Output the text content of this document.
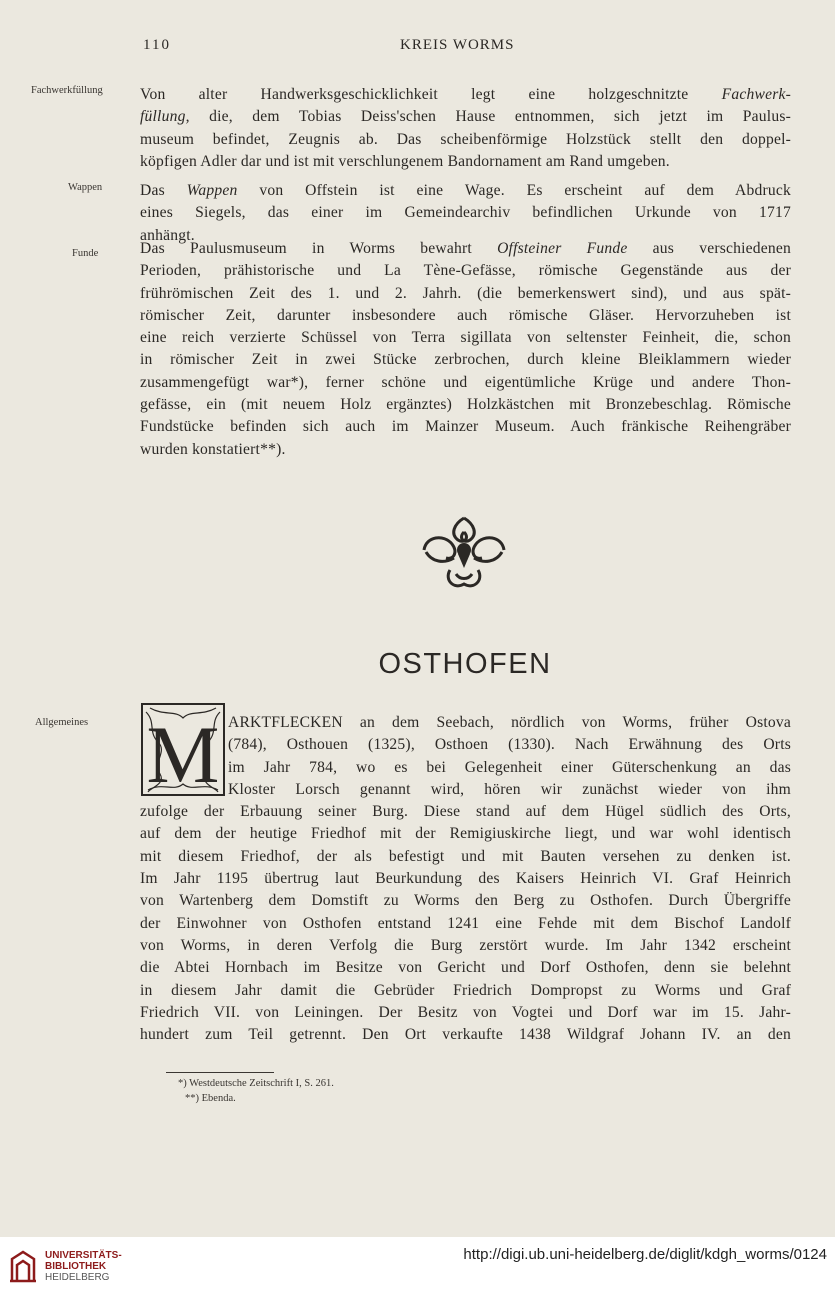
110	KREIS WORMS
Fachwerkfüllung
Wappen
Funde
Allgemeines
Von alter Handwerksgeschicklichkeit legt eine holzgeschnitzte Fachwerk-
füllung, die, dem Tobias Deiss'schen Hause entnommen, sich jetzt im Paulus-
museum befindet, Zeugnis ab. Das scheibenförmige Holzstück stellt den doppel-
köpfigen Adler dar und ist mit verschlungenem Bandornament am Rand umgeben.
Das Wappen von Offstein ist eine Wage. Es erscheint auf dem Abdruck
eines Siegels, das einer im Gemeindearchiv befindlichen Urkunde von 1717
anhängt.
Das Paulusmuseum in Worms bewahrt Offsteiner Funde aus verschiedenen
Perioden, prähistorische und La Tène-Gefässe, römische Gegenstände aus der
frührömischen Zeit des 1. und 2. Jahrh. (die bemerkenswert sind), und aus spät-
römischer Zeit, darunter insbesondere auch römische Gläser. Hervorzuheben ist
eine reich verzierte Schüssel von Terra sigillata von seltenster Feinheit, die, schon
in römischer Zeit in zwei Stücke zerbrochen, durch kleine Bleiklammern wieder
zusammengefügt war*), ferner schöne und eigentümliche Krüge und andere Thon-
gefässe, ein (mit neuem Holz ergänztes) Holzkästchen mit Bronzebeschlag. Römische
Fundstücke befinden sich auch im Mainzer Museum. Auch fränkische Reihengräber
wurden konstatiert**).
OSTHOFEN
M ARKTFLECKEN an dem Seebach, nördlich von Worms, früher Ostova
(784), Osthouen (1325), Osthoen (1330). Nach Erwähnung des Orts
im Jahr 784, wo es bei Gelegenheit einer Güterschenkung an das
Kloster Lorsch genannt wird, hören wir zunächst wieder von ihm
zufolge der Erbauung seiner Burg. Diese stand auf dem Hügel südlich des Orts,
auf dem der heutige Friedhof mit der Remigiuskirche liegt, und war wohl identisch
mit diesem Friedhof, der als befestigt und mit Bauten versehen zu denken ist.
Im Jahr 1195 übertrug laut Beurkundung des Kaisers Heinrich VI. Graf Heinrich
von Wartenberg dem Domstift zu Worms den Berg zu Osthofen. Durch Übergriffe
der Einwohner von Osthofen entstand 1241 eine Fehde mit dem Bischof Landolf
von Worms, in deren Verfolg die Burg zerstört wurde. Im Jahr 1342 erscheint
die Abtei Hornbach im Besitze von Gericht und Dorf Osthofen, denn sie belehnt
in diesem Jahr damit die Gebrüder Friedrich Dompropst zu Worms und Graf
Friedrich VII. von Leiningen. Der Besitz von Vogtei und Dorf war im 15. Jahr-
hundert zum Teil getrennt. Den Ort verkaufte 1438 Wildgraf Johann IV. an den
*) Westdeutsche Zeitschrift I, S. 261.
**) Ebenda.
UNIVERSITÄTS-
BIBLIOTHEK
HEIDELBERG
http://digi.ub.uni-heidelberg.de/diglit/kdgh_worms/0124
